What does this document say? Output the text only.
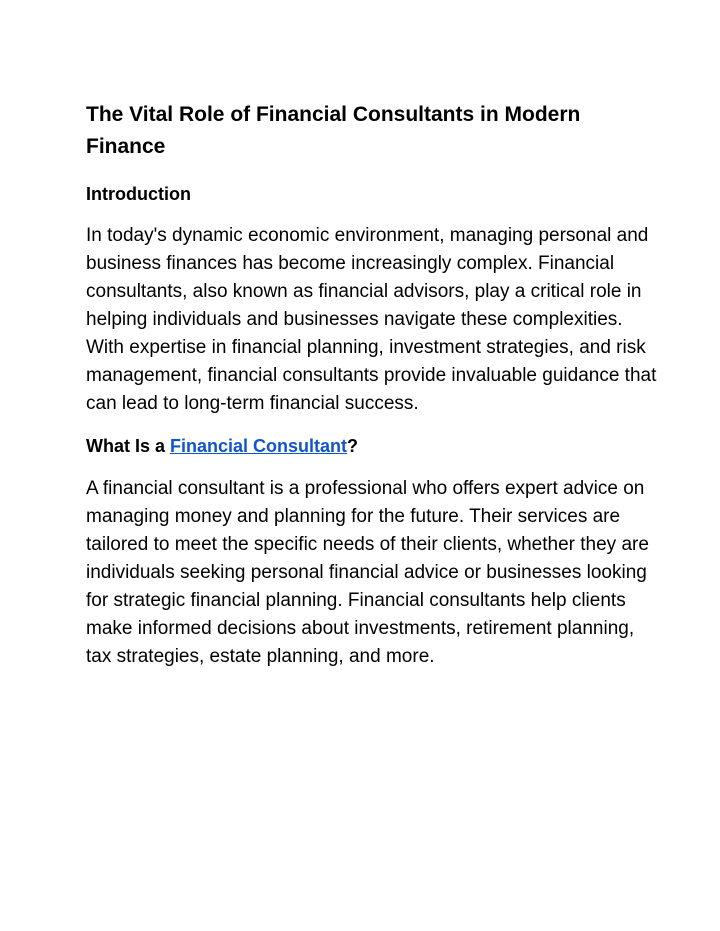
The Vital Role of Financial Consultants in Modern Finance
Introduction

In today's dynamic economic environment, managing personal and business finances has become increasingly complex. Financial consultants, also known as financial advisors, play a critical role in helping individuals and businesses navigate these complexities. With expertise in financial planning, investment strategies, and risk management, financial consultants provide invaluable guidance that can lead to long-term financial success.

What Is a Financial Consultant?

A financial consultant is a professional who offers expert advice on managing money and planning for the future. Their services are tailored to meet the specific needs of their clients, whether they are individuals seeking personal financial advice or businesses looking for strategic financial planning. Financial consultants help clients make informed decisions about investments, retirement planning, tax strategies, estate planning, and more.
